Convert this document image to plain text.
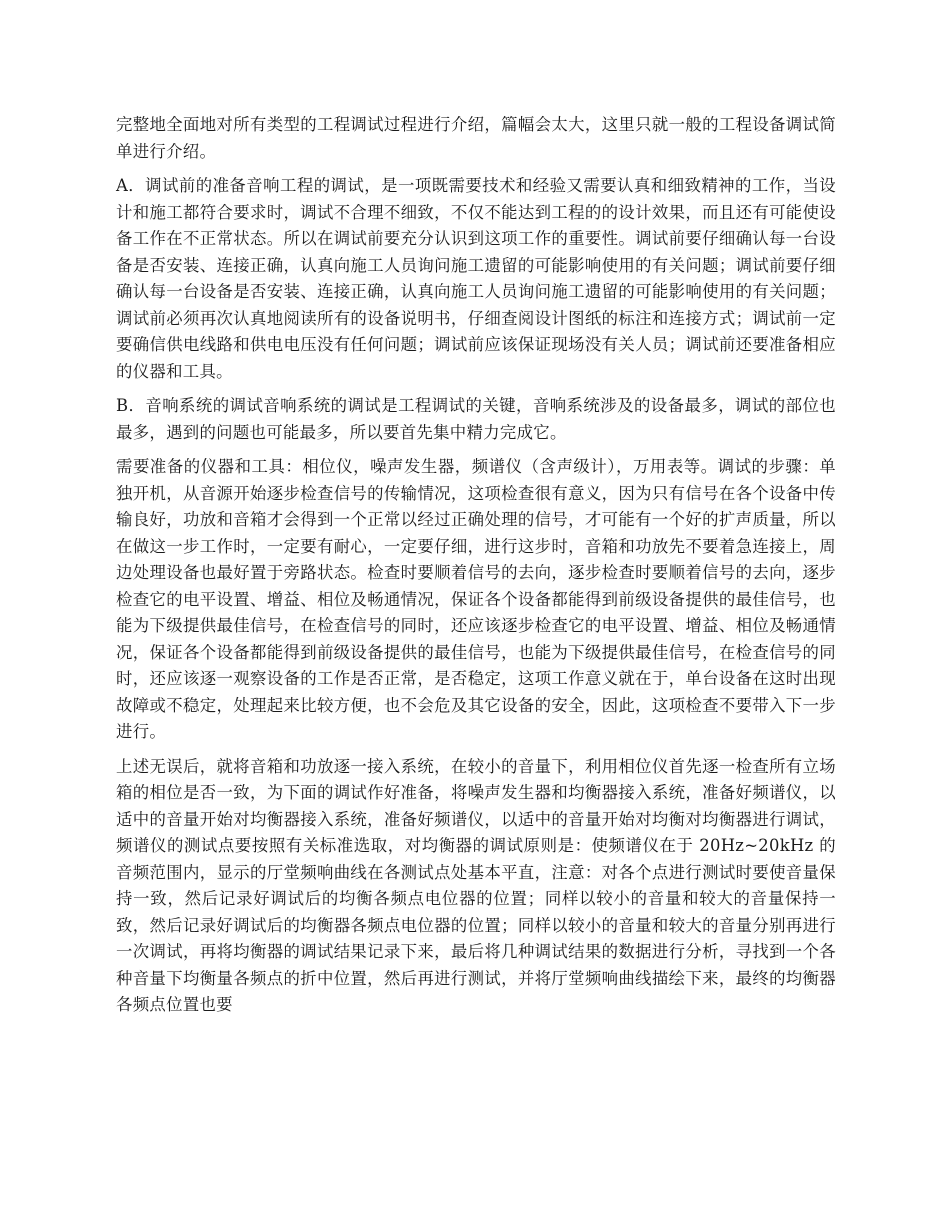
完整地全面地对所有类型的工程调试过程进行介绍，篇幅会太大，这里只就一般的工程设备调试简单进行介绍。

A．调试前的准备音响工程的调试，是一项既需要技术和经验又需要认真和细致精神的工作，当设计和施工都符合要求时，调试不合理不细致，不仅不能达到工程的的设计效果，而且还有可能使设备工作在不正常状态。所以在调试前要充分认识到这项工作的重要性。调试前要仔细确认每一台设备是否安装、连接正确，认真向施工人员询问施工遗留的可能影响使用的有关问题；调试前要仔细确认每一台设备是否安装、连接正确，认真向施工人员询问施工遗留的可能影响使用的有关问题；调试前必须再次认真地阅读所有的设备说明书，仔细查阅设计图纸的标注和连接方式；调试前一定要确信供电线路和供电电压没有任何问题；调试前应该保证现场没有关人员；调试前还要准备相应的仪器和工具。

B．音响系统的调试音响系统的调试是工程调试的关键，音响系统涉及的设备最多，调试的部位也最多，遇到的问题也可能最多，所以要首先集中精力完成它。

需要准备的仪器和工具：相位仪，噪声发生器，频谱仪（含声级计），万用表等。调试的步骤：单独开机，从音源开始逐步检查信号的传输情况，这项检查很有意义，因为只有信号在各个设备中传输良好，功放和音箱才会得到一个正常以经过正确处理的信号，才可能有一个好的扩声质量，所以在做这一步工作时，一定要有耐心，一定要仔细，进行这步时，音箱和功放先不要着急连接上，周边处理设备也最好置于旁路状态。检查时要顺着信号的去向，逐步检查时要顺着信号的去向，逐步检查它的电平设置、增益、相位及畅通情况，保证各个设备都能得到前级设备提供的最佳信号，也能为下级提供最佳信号，在检查信号的同时，还应该逐步检查它的电平设置、增益、相位及畅通情况，保证各个设备都能得到前级设备提供的最佳信号，也能为下级提供最佳信号，在检查信号的同时，还应该逐一观察设备的工作是否正常，是否稳定，这项工作意义就在于，单台设备在这时出现故障或不稳定，处理起来比较方便，也不会危及其它设备的安全，因此，这项检查不要带入下一步进行。

上述无误后，就将音箱和功放逐一接入系统，在较小的音量下，利用相位仪首先逐一检查所有立场箱的相位是否一致，为下面的调试作好准备，将噪声发生器和均衡器接入系统，准备好频谱仪，以适中的音量开始对均衡器接入系统，准备好频谱仪，以适中的音量开始对均衡对均衡器进行调试，频谱仪的测试点要按照有关标准选取，对均衡器的调试原则是：使频谱仪在于 20Hz~20kHz 的音频范围内，显示的厅堂频响曲线在各测试点处基本平直，注意：对各个点进行测试时要使音量保持一致，然后记录好调试后的均衡各频点电位器的位置；同样以较小的音量和较大的音量保持一致，然后记录好调试后的均衡器各频点电位器的位置；同样以较小的音量和较大的音量分别再进行一次调试，再将均衡器的调试结果记录下来，最后将几种调试结果的数据进行分析，寻找到一个各种音量下均衡量各频点的折中位置，然后再进行测试，并将厅堂频响曲线描绘下来，最终的均衡器各频点位置也要
